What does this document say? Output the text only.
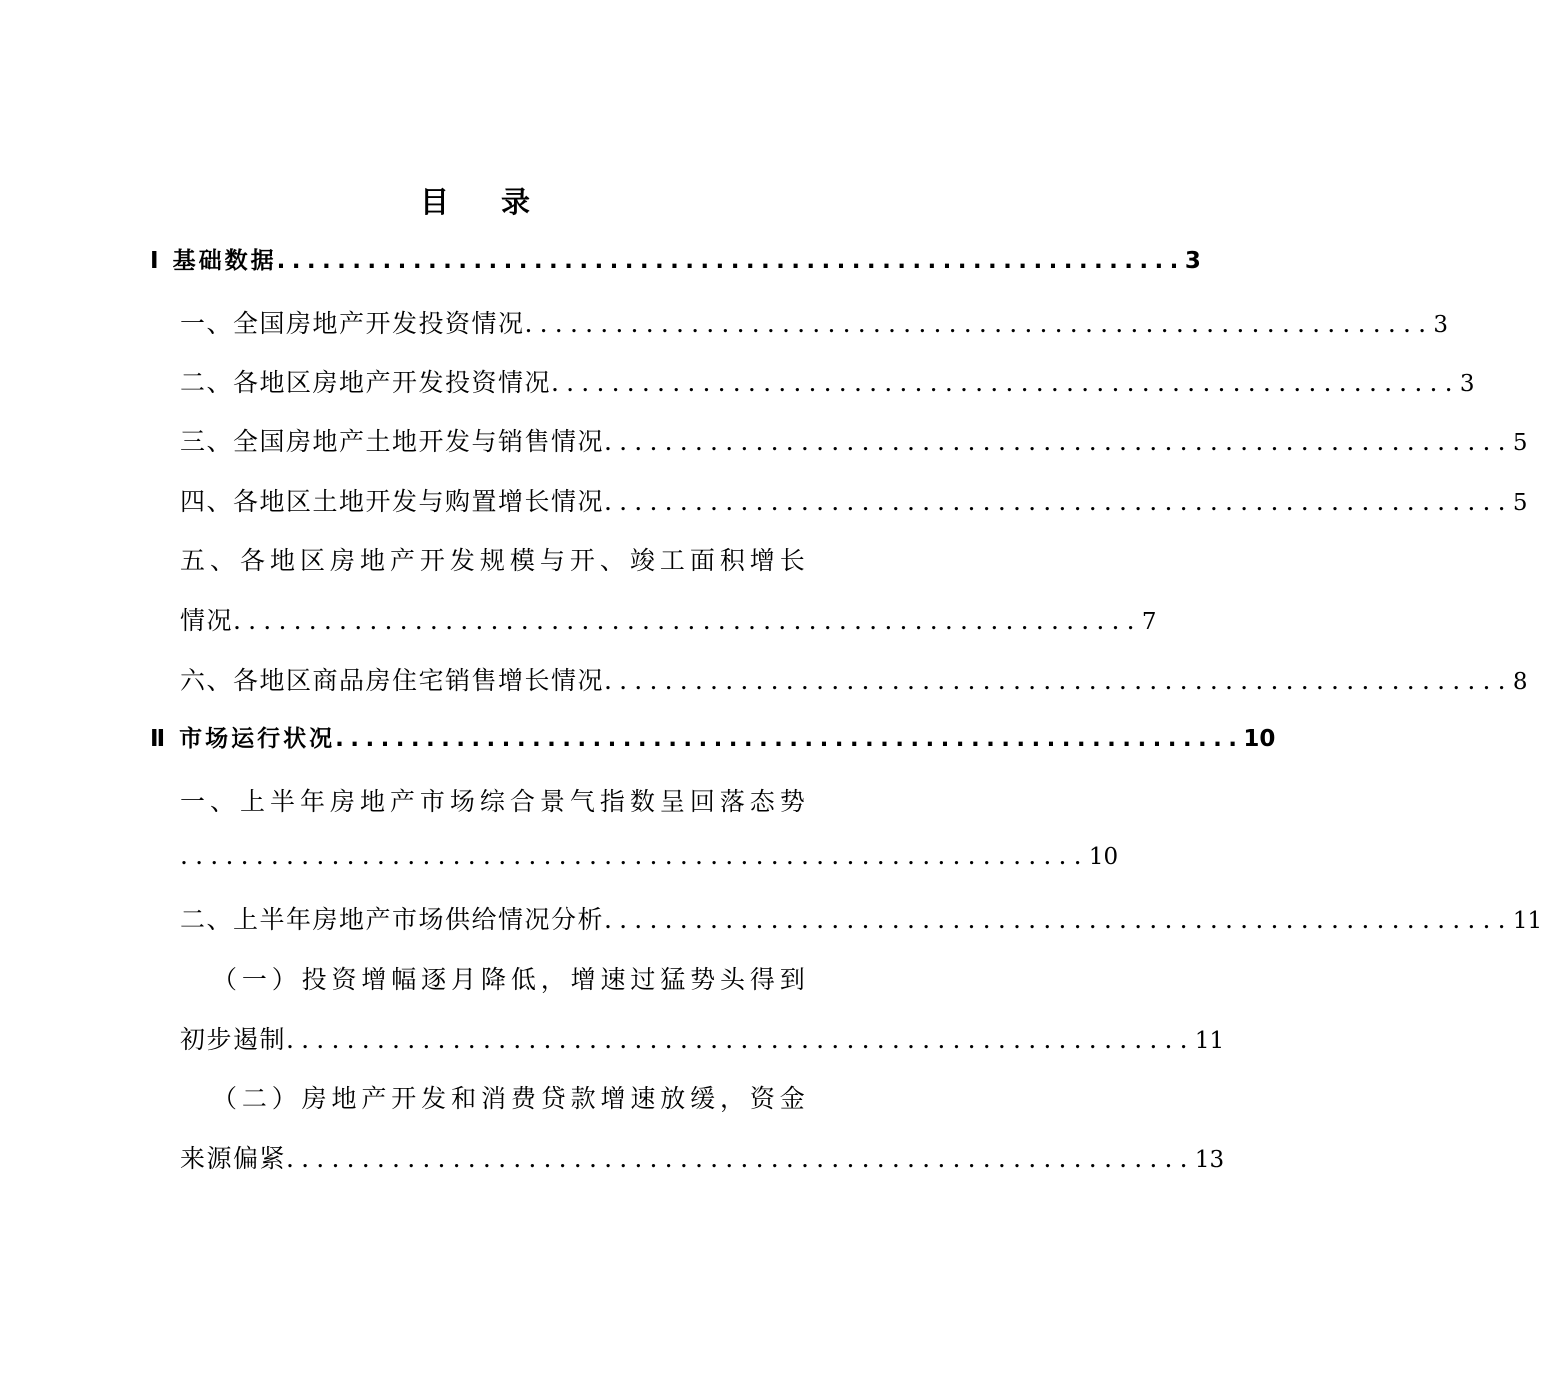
目 录
Ⅰ 基础数据 ............................................................ 3
一、全国房地产开发投资情况 ............................................................ 3
二、各地区房地产开发投资情况 ............................................................ 3
三、全国房地产土地开发与销售情况 ............................................................ 5
四、各地区土地开发与购置增长情况 ............................................................ 5
五、各地区房地产开发规模与开、竣工面积增长
情况 ............................................................ 7
六、各地区商品房住宅销售增长情况 ............................................................ 8
Ⅱ 市场运行状况 ............................................................ 10
一、上半年房地产市场综合景气指数呈回落态势
............................................................ 10
二、上半年房地产市场供给情况分析 ............................................................ 11
（一）投资增幅逐月降低，增速过猛势头得到
初步遏制 ............................................................ 11
（二）房地产开发和消费贷款增速放缓，资金
来源偏紧 ............................................................ 13
